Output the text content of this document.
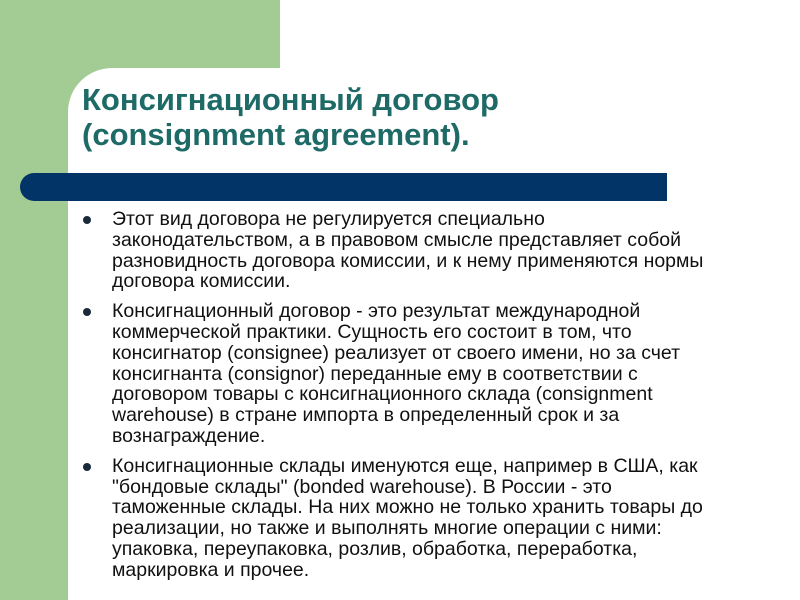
Консигнационный договор
(consignment agreement).
Этот вид договора не регулируется специально
законодательством, а в правовом смысле представляет собой
разновидность договора комиссии, и к нему применяются нормы
договора комиссии.
Консигнационный договор - это результат международной
коммерческой практики. Сущность его состоит в том, что
консигнатор (consignee) реализует от своего имени, но за счет
консигнанта (consignor) переданные ему в соответствии с
договором товары с консигнационного склада (consignment
warehouse) в стране импорта в определенный срок и за
вознаграждение.
Консигнационные склады именуются еще, например в США, как
"бондовые склады" (bonded warehouse). В России - это
таможенные склады. На них можно не только хранить товары до
реализации, но также и выполнять многие операции с ними:
упаковка, переупаковка, розлив, обработка, переработка,
маркировка и прочее.
